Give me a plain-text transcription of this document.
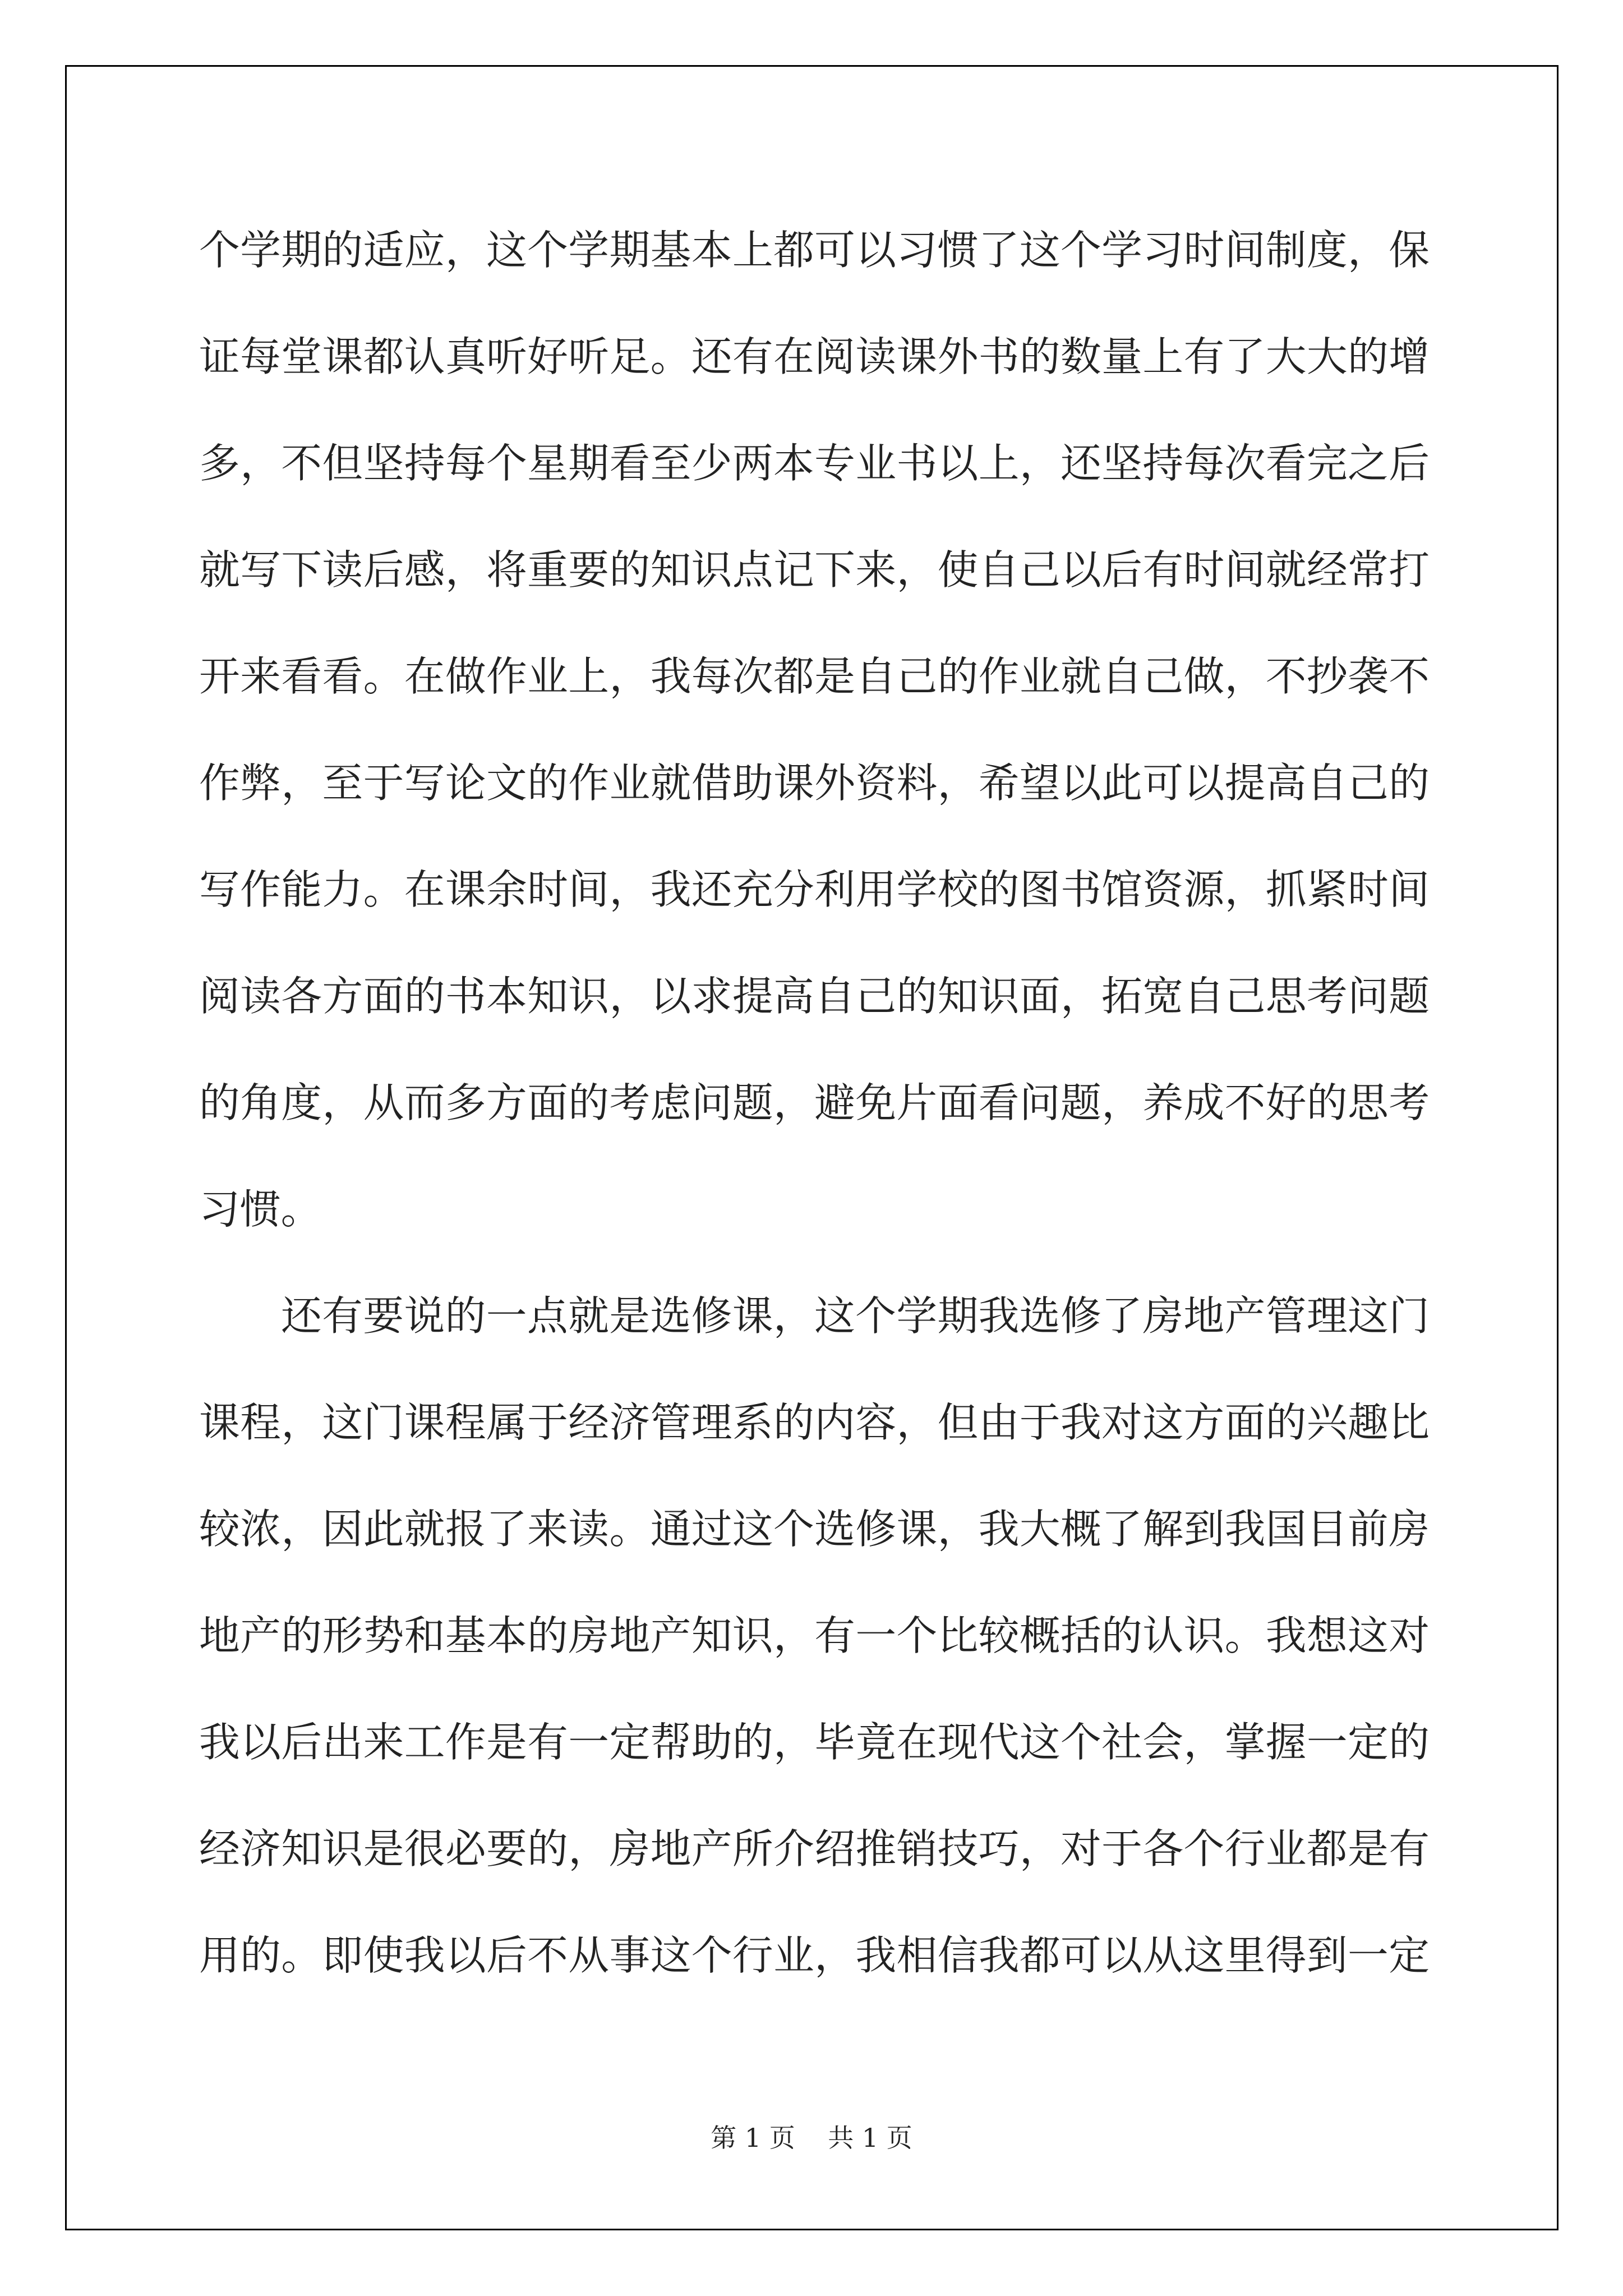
个学期的适应，这个学期基本上都可以习惯了这个学习时间制度，保
证每堂课都认真听好听足。还有在阅读课外书的数量上有了大大的增
多，不但坚持每个星期看至少两本专业书以上，还坚持每次看完之后
就写下读后感，将重要的知识点记下来，使自己以后有时间就经常打
开来看看。在做作业上，我每次都是自己的作业就自己做，不抄袭不
作弊，至于写论文的作业就借助课外资料，希望以此可以提高自己的
写作能力。在课余时间，我还充分利用学校的图书馆资源，抓紧时间
阅读各方面的书本知识，以求提高自己的知识面，拓宽自己思考问题
的角度，从而多方面的考虑问题，避免片面看问题，养成不好的思考
习惯。
还有要说的一点就是选修课，这个学期我选修了房地产管理这门
课程，这门课程属于经济管理系的内容，但由于我对这方面的兴趣比
较浓，因此就报了来读。通过这个选修课，我大概了解到我国目前房
地产的形势和基本的房地产知识，有一个比较概括的认识。我想这对
我以后出来工作是有一定帮助的，毕竟在现代这个社会，掌握一定的
经济知识是很必要的，房地产所介绍推销技巧，对于各个行业都是有
用的。即使我以后不从事这个行业，我相信我都可以从这里得到一定
第 1 页    共 1 页
